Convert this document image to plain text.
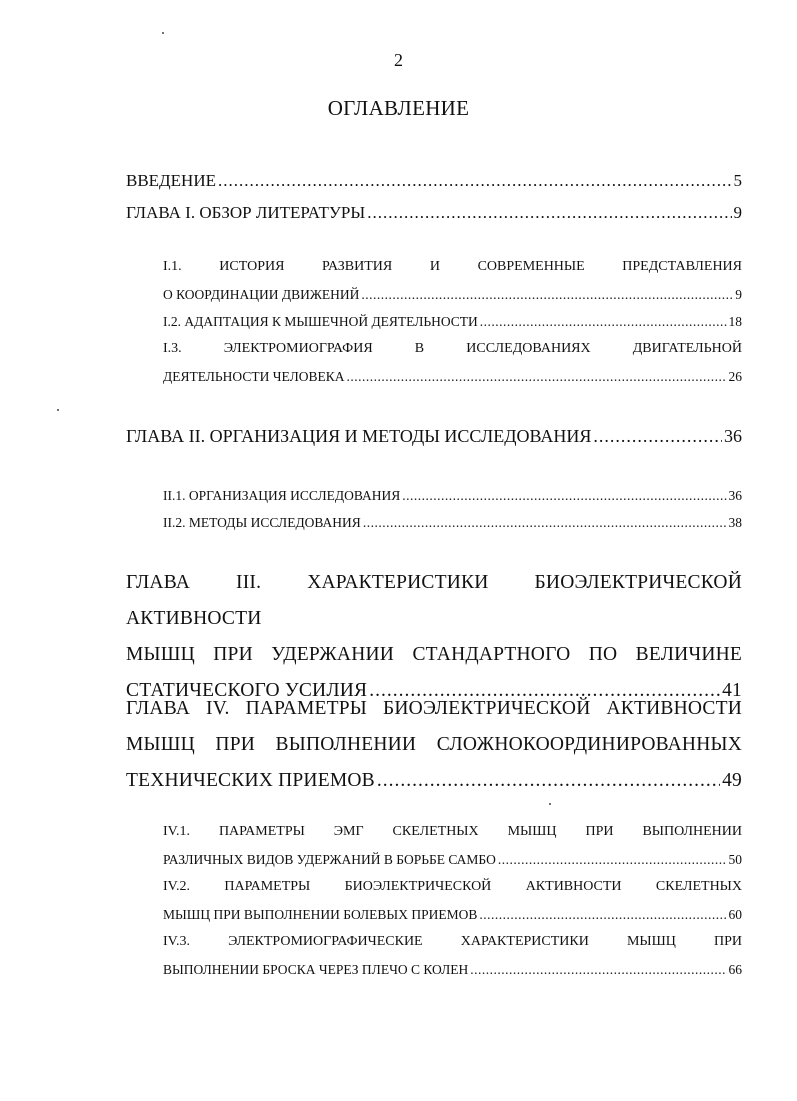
2
ОГЛАВЛЕНИЕ
ВВЕДЕНИЕ .....	5
ГЛАВА I. ОБЗОР ЛИТЕРАТУРЫ .....	9
I.1. ИСТОРИЯ РАЗВИТИЯ И СОВРЕМЕННЫЕ ПРЕДСТАВЛЕНИЯ
О КООРДИНАЦИИ ДВИЖЕНИЙ .....	9
I.2. АДАПТАЦИЯ К МЫШЕЧНОЙ ДЕЯТЕЛЬНОСТИ .....	18
I.3. ЭЛЕКТРОМИОГРАФИЯ В ИССЛЕДОВАНИЯХ ДВИГАТЕЛЬНОЙ
ДЕЯТЕЛЬНОСТИ ЧЕЛОВЕКА .....	26
ГЛАВА II. ОРГАНИЗАЦИЯ И МЕТОДЫ ИССЛЕДОВАНИЯ .....	36
II.1. ОРГАНИЗАЦИЯ ИССЛЕДОВАНИЯ .....	36
II.2. МЕТОДЫ ИССЛЕДОВАНИЯ .....	38
ГЛАВА III. ХАРАКТЕРИСТИКИ БИОЭЛЕКТРИЧЕСКОЙ АКТИВНОСТИ
МЫШЦ ПРИ УДЕРЖАНИИ СТАНДАРТНОГО ПО ВЕЛИЧИНЕ
СТАТИЧЕСКОГО УСИЛИЯ .....	41
ГЛАВА IV. ПАРАМЕТРЫ БИОЭЛЕКТРИЧЕСКОЙ АКТИВНОСТИ
МЫШЦ ПРИ ВЫПОЛНЕНИИ СЛОЖНОКООРДИНИРОВАННЫХ
ТЕХНИЧЕСКИХ ПРИЕМОВ .....	49
IV.1. ПАРАМЕТРЫ ЭМГ СКЕЛЕТНЫХ МЫШЦ ПРИ ВЫПОЛНЕНИИ
РАЗЛИЧНЫХ ВИДОВ УДЕРЖАНИЙ В БОРЬБЕ САМБО .....	50
IV.2. ПАРАМЕТРЫ БИОЭЛЕКТРИЧЕСКОЙ АКТИВНОСТИ СКЕЛЕТНЫХ
МЫШЦ ПРИ ВЫПОЛНЕНИИ БОЛЕВЫХ ПРИЕМОВ .....	60
IV.3. ЭЛЕКТРОМИОГРАФИЧЕСКИЕ ХАРАКТЕРИСТИКИ МЫШЦ ПРИ
ВЫПОЛНЕНИИ БРОСКА ЧЕРЕЗ ПЛЕЧО С КОЛЕН .....	66
